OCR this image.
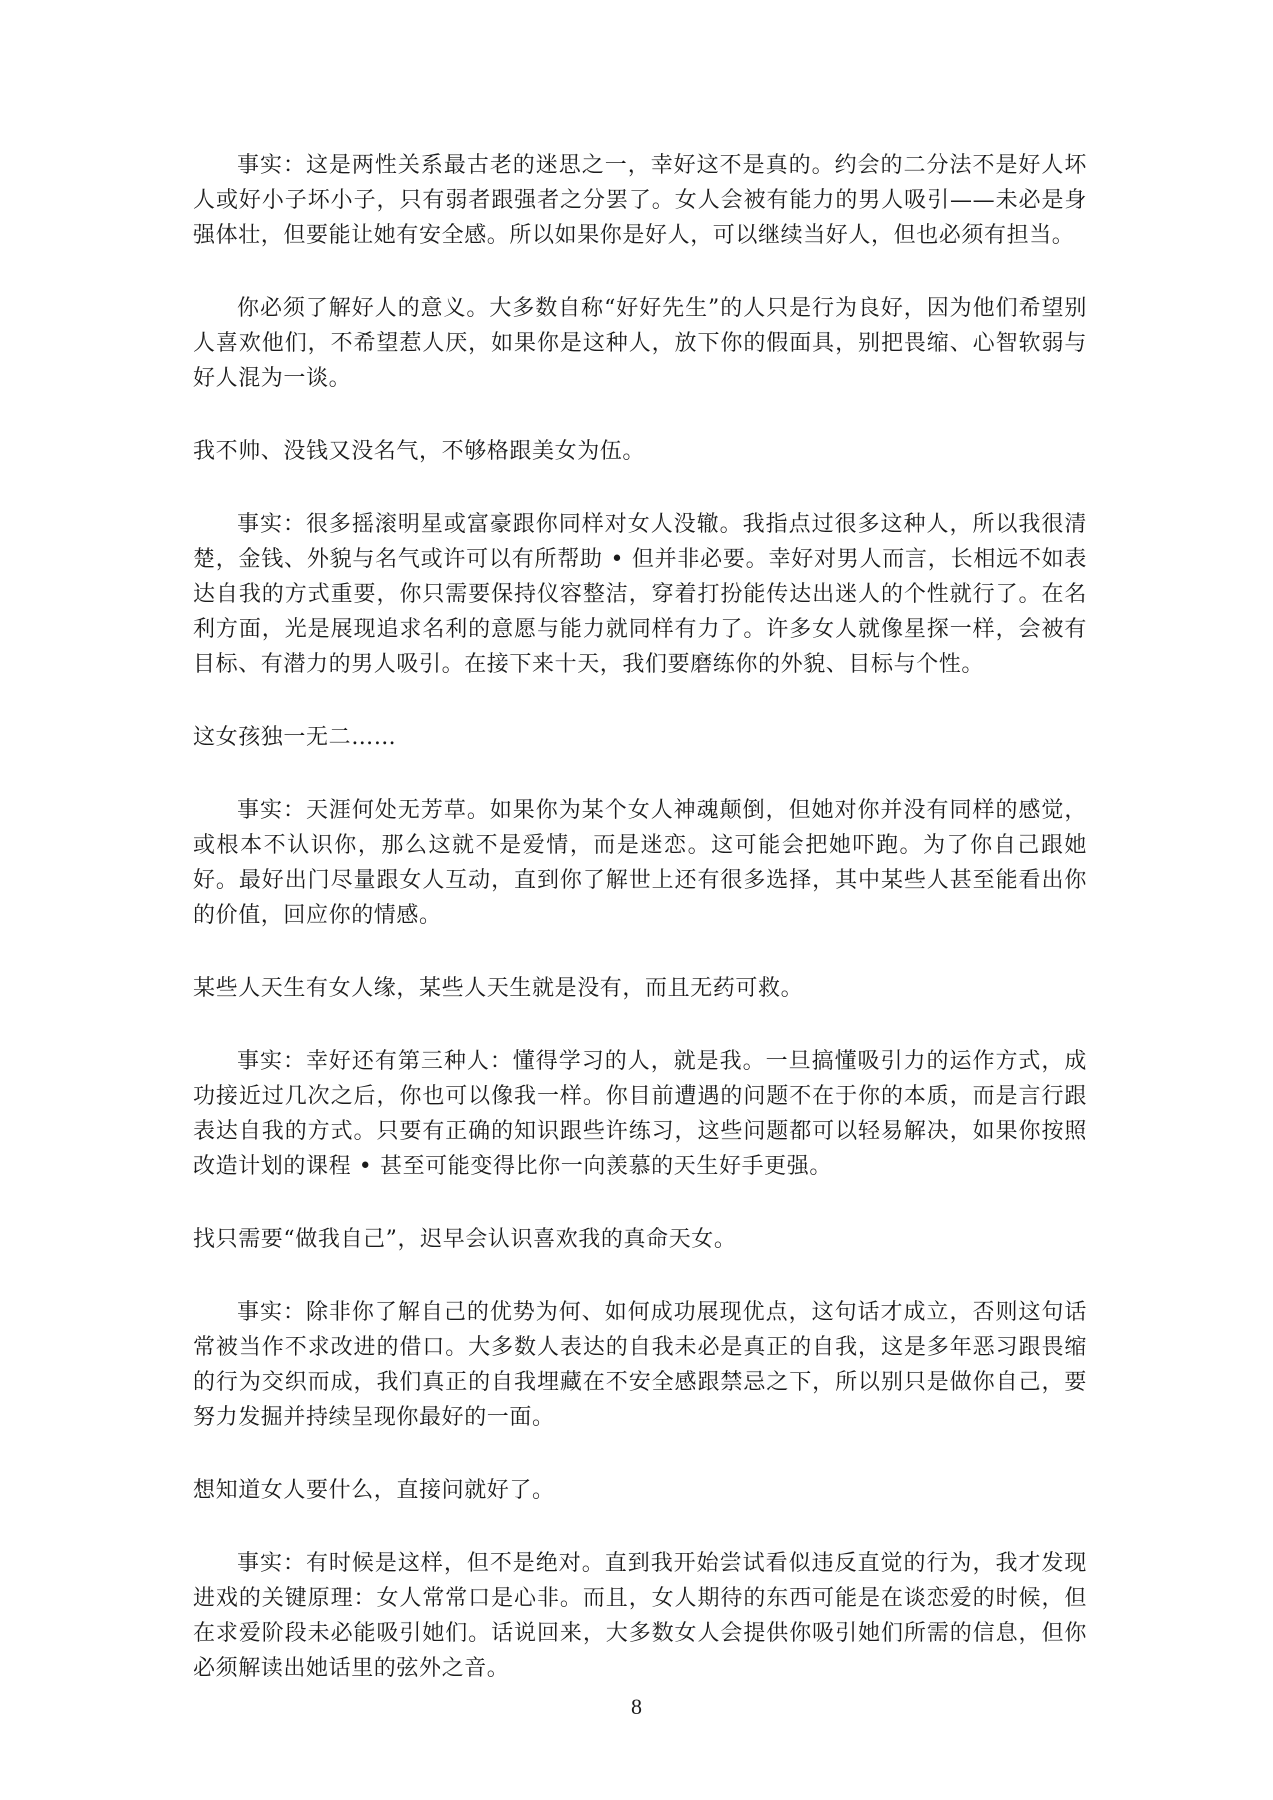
事实：这是两性关系最古老的迷思之一，幸好这不是真的。约会的二分法不是好人坏人或好小子坏小子，只有弱者跟强者之分罢了。女人会被有能力的男人吸引——未必是身强体壮，但要能让她有安全感。所以如果你是好人，可以继续当好人，但也必须有担当。

你必须了解好人的意义。大多数自称“好好先生”的人只是行为良好，因为他们希望别人喜欢他们，不希望惹人厌，如果你是这种人，放下你的假面具，别把畏缩、心智软弱与好人混为一谈。

我不帅、没钱又没名气，不够格跟美女为伍。

事实：很多摇滚明星或富豪跟你同样对女人没辙。我指点过很多这种人，所以我很清楚，金钱、外貌与名气或许可以有所帮助 • 但并非必要。幸好对男人而言，长相远不如表达自我的方式重要，你只需要保持仪容整洁，穿着打扮能传达出迷人的个性就行了。在名利方面，光是展现追求名利的意愿与能力就同样有力了。许多女人就像星探一样，会被有目标、有潜力的男人吸引。在接下来十天，我们要磨练你的外貌、目标与个性。

这女孩独一无二……

事实：天涯何处无芳草。如果你为某个女人神魂颠倒，但她对你并没有同样的感觉，或根本不认识你，那么这就不是爱情，而是迷恋。这可能会把她吓跑。为了你自己跟她好。最好出门尽量跟女人互动，直到你了解世上还有很多选择，其中某些人甚至能看出你的价值，回应你的情感。

某些人天生有女人缘，某些人天生就是没有，而且无药可救。

事实：幸好还有第三种人：懂得学习的人，就是我。一旦搞懂吸引力的运作方式，成功接近过几次之后，你也可以像我一样。你目前遭遇的问题不在于你的本质，而是言行跟表达自我的方式。只要有正确的知识跟些许练习，这些问题都可以轻易解决，如果你按照改造计划的课程 • 甚至可能变得比你一向羡慕的天生好手更强。

找只需要“做我自己”，迟早会认识喜欢我的真命天女。

事实：除非你了解自己的优势为何、如何成功展现优点，这句话才成立，否则这句话常被当作不求改进的借口。大多数人表达的自我未必是真正的自我，这是多年恶习跟畏缩的行为交织而成，我们真正的自我埋藏在不安全感跟禁忌之下，所以别只是做你自己，要努力发掘并持续呈现你最好的一面。

想知道女人要什么，直接问就好了。

事实：有时候是这样，但不是绝对。直到我开始尝试看似违反直觉的行为，我才发现进戏的关键原理：女人常常口是心非。而且，女人期待的东西可能是在谈恋爱的时候，但在求爱阶段未必能吸引她们。话说回来，大多数女人会提供你吸引她们所需的信息，但你必须解读出她话里的弦外之音。

8
